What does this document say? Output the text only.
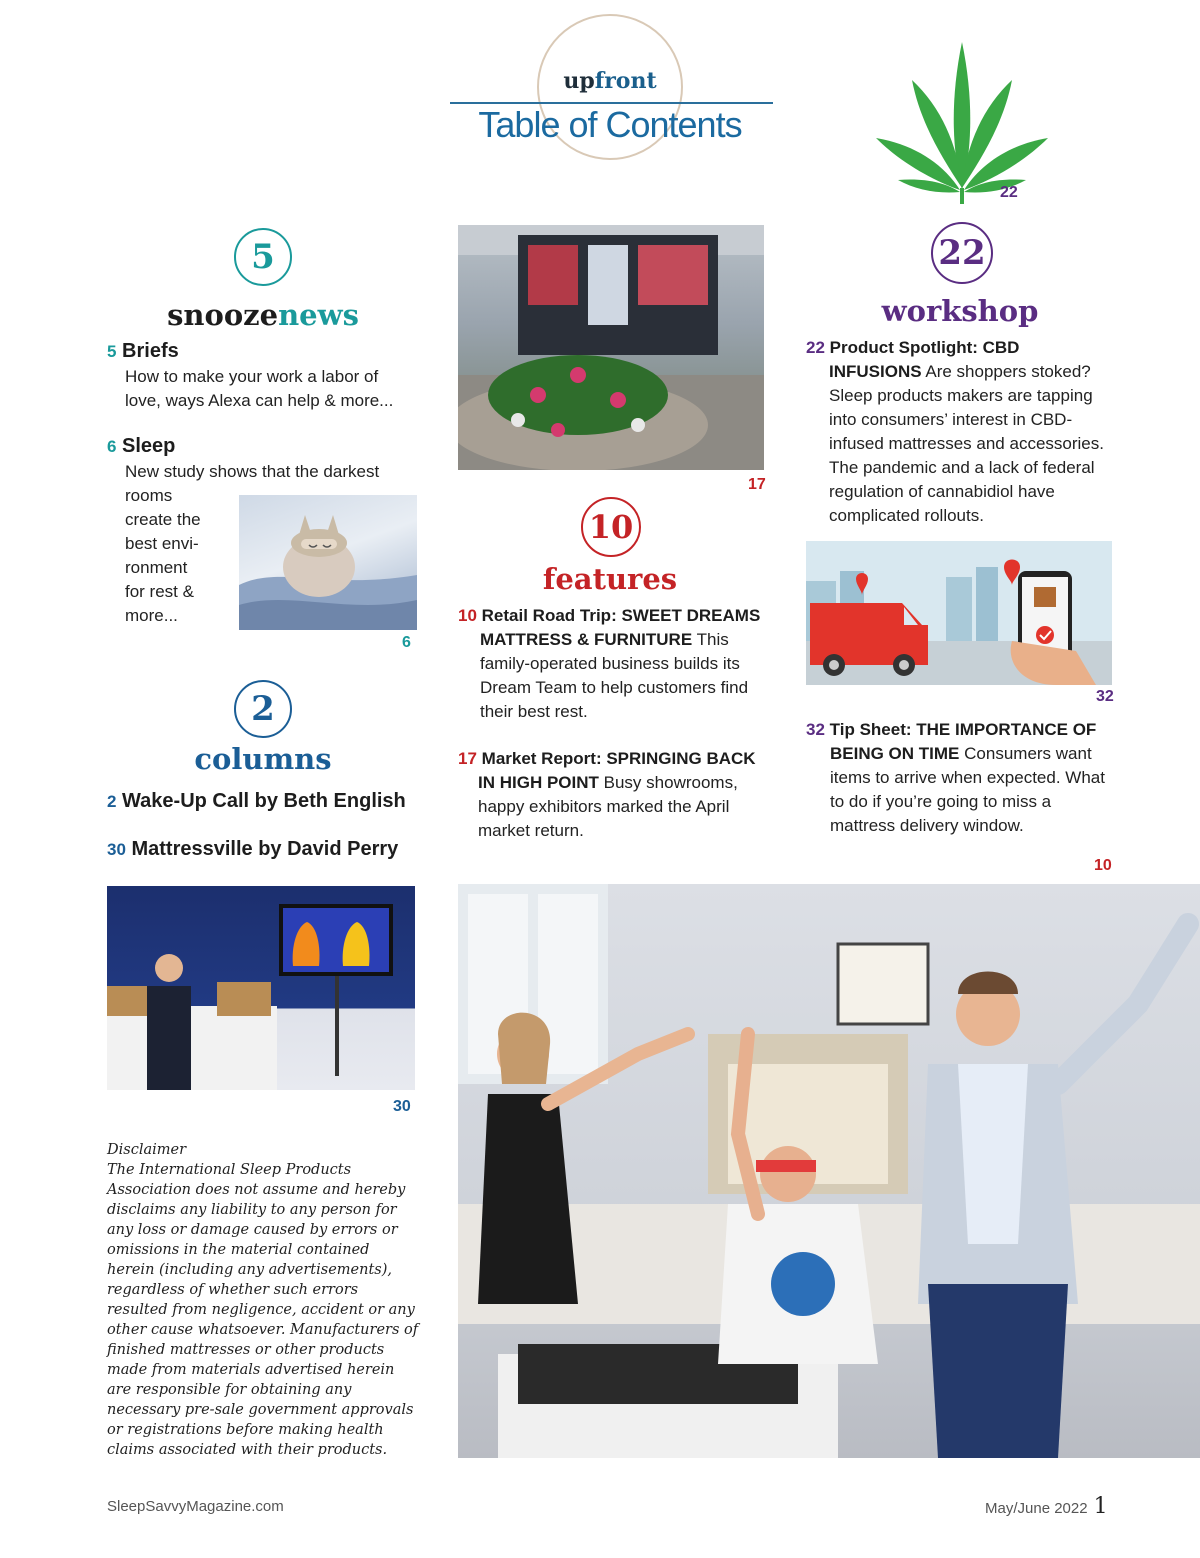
upfront
Table of Contents
22
5
snoozenews
5 Briefs
How to make your work a labor of love, ways Alexa can help & more...
6 Sleep
New study shows that the darkest
rooms
create the
best envi-
ronment
for rest &
more...
6
2
columns
2 Wake-Up Call by Beth English
30 Mattressville by David Perry
30
Disclaimer
The International Sleep Products Association does not assume and hereby disclaims any liability to any person for any loss or damage caused by errors or omissions in the material contained herein (including any advertisements), regardless of whether such errors resulted from negligence, accident or any other cause whatsoever. Manufacturers of finished mattresses or other products made from materials advertised herein are responsible for obtaining any necessary pre-sale government approvals or registrations before making health claims associated with their products.
17
10
features
10 Retail Road Trip: SWEET DREAMS MATTRESS & FURNITURE This family-operated business builds its Dream Team to help customers find their best rest.
17 Market Report: SPRINGING BACK IN HIGH POINT Busy showrooms, happy exhibitors marked the April market return.
22
workshop
22 Product Spotlight: CBD INFUSIONS Are shoppers stoked? Sleep products makers are tapping into consumers’ interest in CBD-infused mattresses and accessories. The pandemic and a lack of federal regulation of cannabidiol have complicated rollouts.
32
32 Tip Sheet: THE IMPORTANCE OF BEING ON TIME Consumers want items to arrive when expected. What to do if you’re going to miss a mattress delivery window.
10
SleepSavvyMagazine.com	May/June 2022 1
